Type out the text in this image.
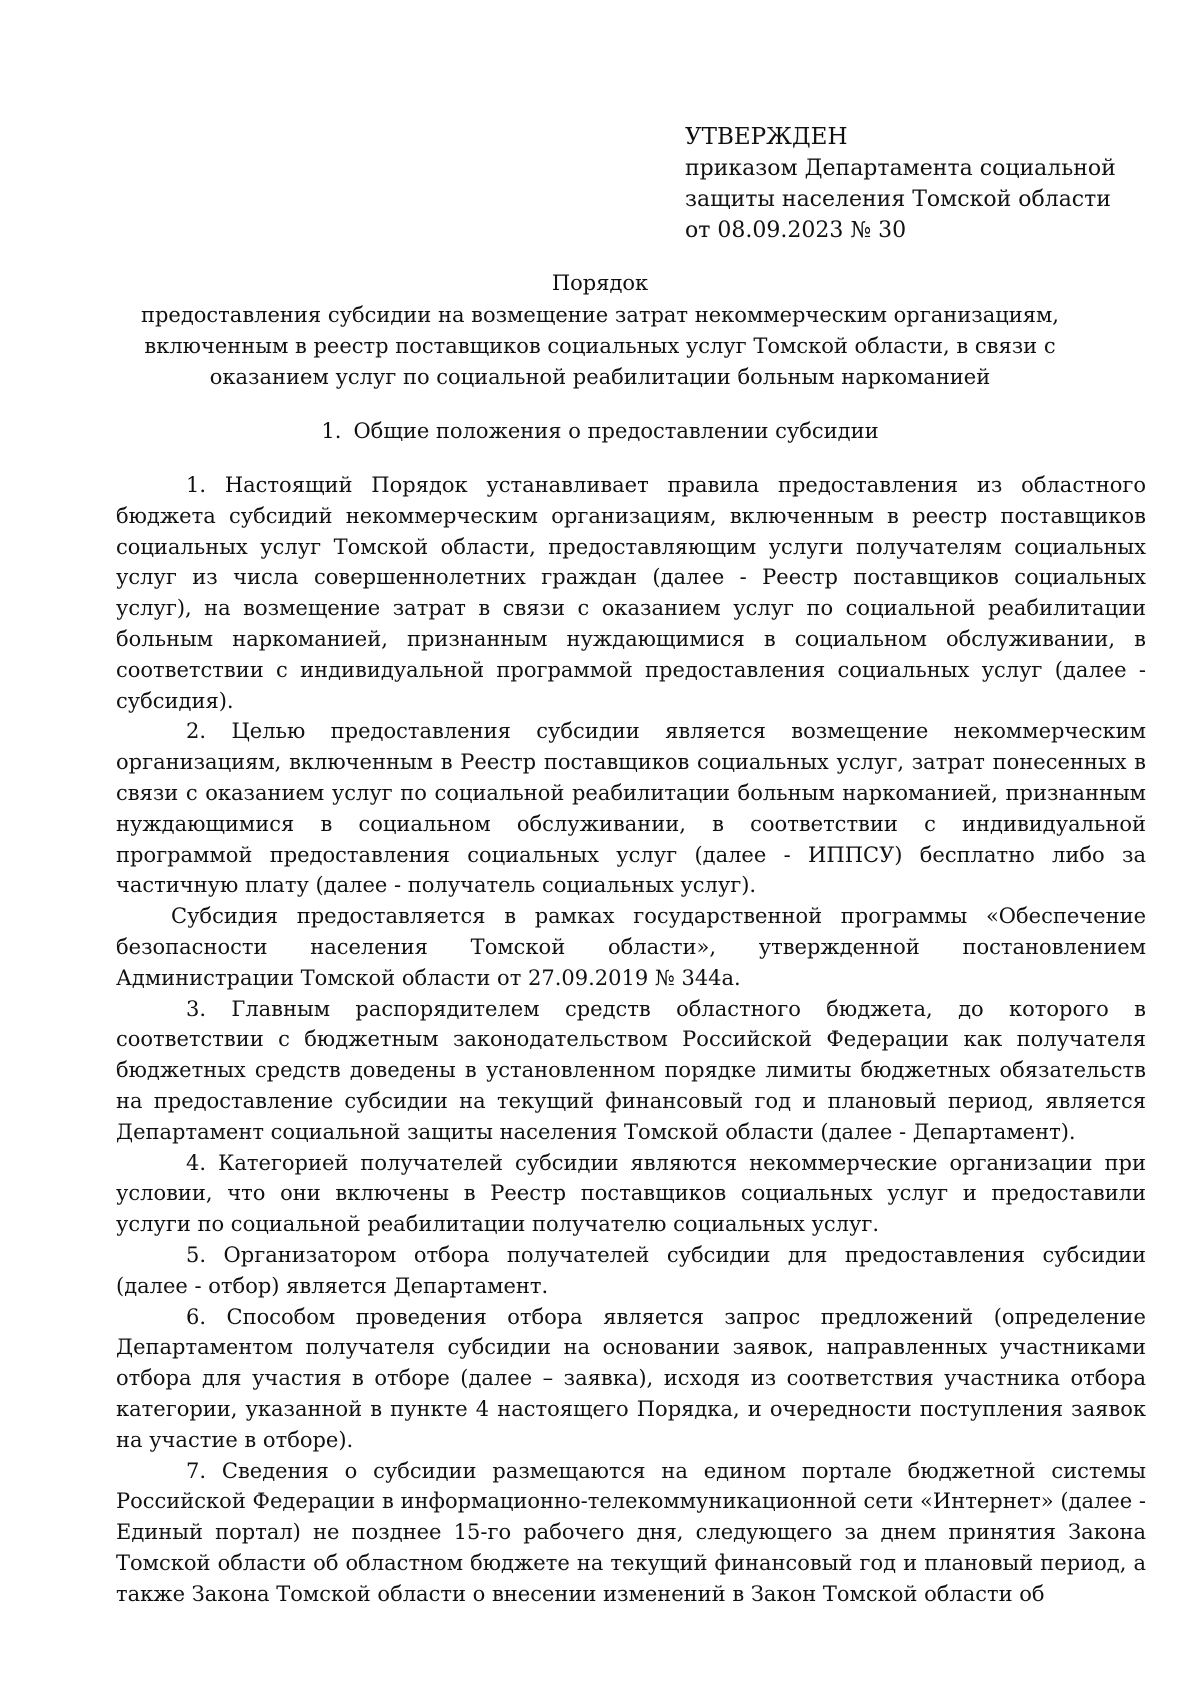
УТВЕРЖДЕН
приказом Департамента социальной
защиты населения Томской области
от 08.09.2023 № 30
Порядок
предоставления субсидии на возмещение затрат некоммерческим организациям,
включенным в реестр поставщиков социальных услуг Томской области, в связи с
оказанием услуг по социальной реабилитации больным наркоманией
1. Общие положения о предоставлении субсидии

1. Настоящий Порядок устанавливает правила предоставления из областного бюджета субсидий некоммерческим организациям, включенным в реестр поставщиков социальных услуг Томской области, предоставляющим услуги получателям социальных услуг из числа совершеннолетних граждан (далее - Реестр поставщиков социальных услуг), на возмещение затрат в связи с оказанием услуг по социальной реабилитации больным наркоманией, признанным нуждающимися в социальном обслуживании, в соответствии с индивидуальной программой предоставления социальных услуг (далее - субсидия).

2. Целью предоставления субсидии является возмещение некоммерческим организациям, включенным в Реестр поставщиков социальных услуг, затрат понесенных в связи с оказанием услуг по социальной реабилитации больным наркоманией, признанным нуждающимися в социальном обслуживании, в соответствии с индивидуальной программой предоставления социальных услуг (далее - ИППСУ) бесплатно либо за частичную плату (далее - получатель социальных услуг).

Субсидия предоставляется в рамках государственной программы «Обеспечение безопасности населения Томской области», утвержденной постановлением Администрации Томской области от 27.09.2019 № 344а.

3. Главным распорядителем средств областного бюджета, до которого в соответствии с бюджетным законодательством Российской Федерации как получателя бюджетных средств доведены в установленном порядке лимиты бюджетных обязательств на предоставление субсидии на текущий финансовый год и плановый период, является Департамент социальной защиты населения Томской области (далее - Департамент).

4. Категорией получателей субсидии являются некоммерческие организации при условии, что они включены в Реестр поставщиков социальных услуг и предоставили услуги по социальной реабилитации получателю социальных услуг.

5. Организатором отбора получателей субсидии для предоставления субсидии (далее - отбор) является Департамент.

6. Способом проведения отбора является запрос предложений (определение Департаментом получателя субсидии на основании заявок, направленных участниками отбора для участия в отборе (далее – заявка), исходя из соответствия участника отбора категории, указанной в пункте 4 настоящего Порядка, и очередности поступления заявок на участие в отборе).

7. Сведения о субсидии размещаются на едином портале бюджетной системы Российской Федерации в информационно-телекоммуникационной сети «Интернет» (далее - Единый портал) не позднее 15-го рабочего дня, следующего за днем принятия Закона Томской области об областном бюджете на текущий финансовый год и плановый период, а также Закона Томской области о внесении изменений в Закон Томской области об
